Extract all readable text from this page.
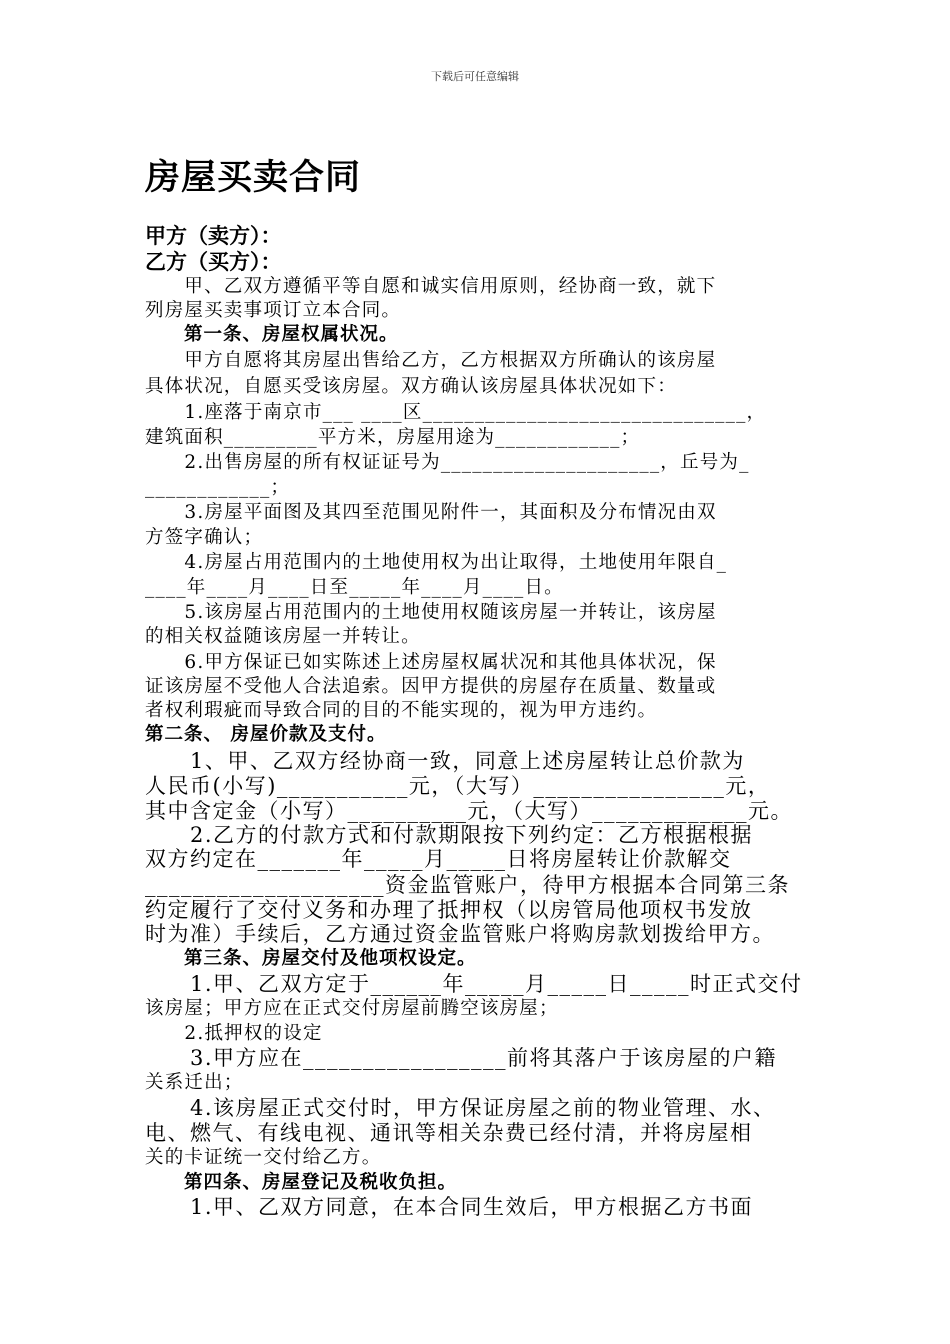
下载后可任意编辑
房屋买卖合同
甲方（卖方）：
乙方（买方）：
　　甲、乙双方遵循平等自愿和诚实信用原则，经协商一致，就下
列房屋买卖事项订立本合同。
　　第一条、房屋权属状况。
　　甲方自愿将其房屋出售给乙方，乙方根据双方所确认的该房屋
具体状况，自愿买受该房屋。双方确认该房屋具体状况如下：
　　1.座落于南京市___ ____区_______________________________，
建筑面积_________平方米，房屋用途为____________；
　　2.出售房屋的所有权证证号为_____________________，丘号为_
____________；
　　3.房屋平面图及其四至范围见附件一，其面积及分布情况由双
方签字确认；
　　4.房屋占用范围内的土地使用权为出让取得，土地使用年限自_
____年____月____日至_____年____月____日。
　　5.该房屋占用范围内的土地使用权随该房屋一并转让，该房屋
的相关权益随该房屋一并转让。
　　6.甲方保证已如实陈述上述房屋权属状况和其他具体状况，保
证该房屋不受他人合法追索。因甲方提供的房屋存在质量、数量或
者权利瑕疵而导致合同的目的不能实现的，视为甲方违约。
第二条、 房屋价款及支付。
　　1、甲、乙双方经协商一致，同意上述房屋转让总价款为
人民币(小写)___________元，（大写）________________元，
其中含定金（小写）__________元，（大写）_____________元。
　　2.乙方的付款方式和付款期限按下列约定：乙方根据根据
双方约定在_______年_____月_____日将房屋转让价款解交
____________________资金监管账户，待甲方根据本合同第三条
约定履行了交付义务和办理了抵押权（以房管局他项权书发放
时为准）手续后，乙方通过资金监管账户将购房款划拨给甲方。
　　第三条、房屋交付及他项权设定。
　　1.甲、乙双方定于______年_____月_____日_____时正式交付
该房屋；甲方应在正式交付房屋前腾空该房屋；
　　2.抵押权的设定
　　3.甲方应在_________________前将其落户于该房屋的户籍
关系迁出；
　　4.该房屋正式交付时，甲方保证房屋之前的物业管理、水、
电、燃气、有线电视、通讯等相关杂费已经付清，并将房屋相
关的卡证统一交付给乙方。
　　第四条、房屋登记及税收负担。
　　1.甲、乙双方同意，在本合同生效后，甲方根据乙方书面
